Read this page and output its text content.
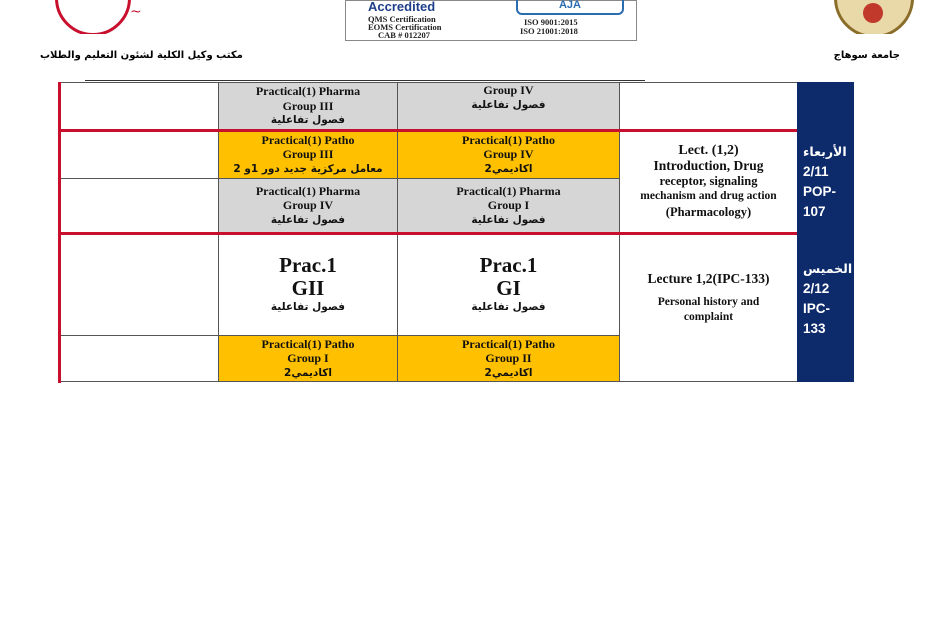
~	Accredited
QMS Certification
EOMS Certification
CAB # 012207
AJA
ISO 9001:2015
ISO 21001:2018
مكتب وكيل الكلية لشئون التعليم والطلاب	جامعة سوهاج
Practical(1) Pharma
Group III
فصول تفاعلية
Group IV
فصول تفاعلية
Practical(1) Patho
Group III
معامل مركزية جديد دور 1و 2
Practical(1) Patho
Group IV
اكاديمي2
Practical(1) Pharma
Group IV
فصول تفاعلية
Practical(1) Pharma
Group I
فصول تفاعلية
Lect. (1,2)
Introduction, Drug
receptor, signaling
mechanism and drug action
(Pharmacology)
الأربعاء
2/11
POP-
107
Prac.1
GII
فصول تفاعلية
Prac.1
GI
فصول تفاعلية
Practical(1) Patho
Group I
اكاديمي2
Practical(1) Patho
Group II
اكاديمي2
Lecture 1,2(IPC-133)
Personal history and
complaint
الخميس
2/12
IPC-
133
